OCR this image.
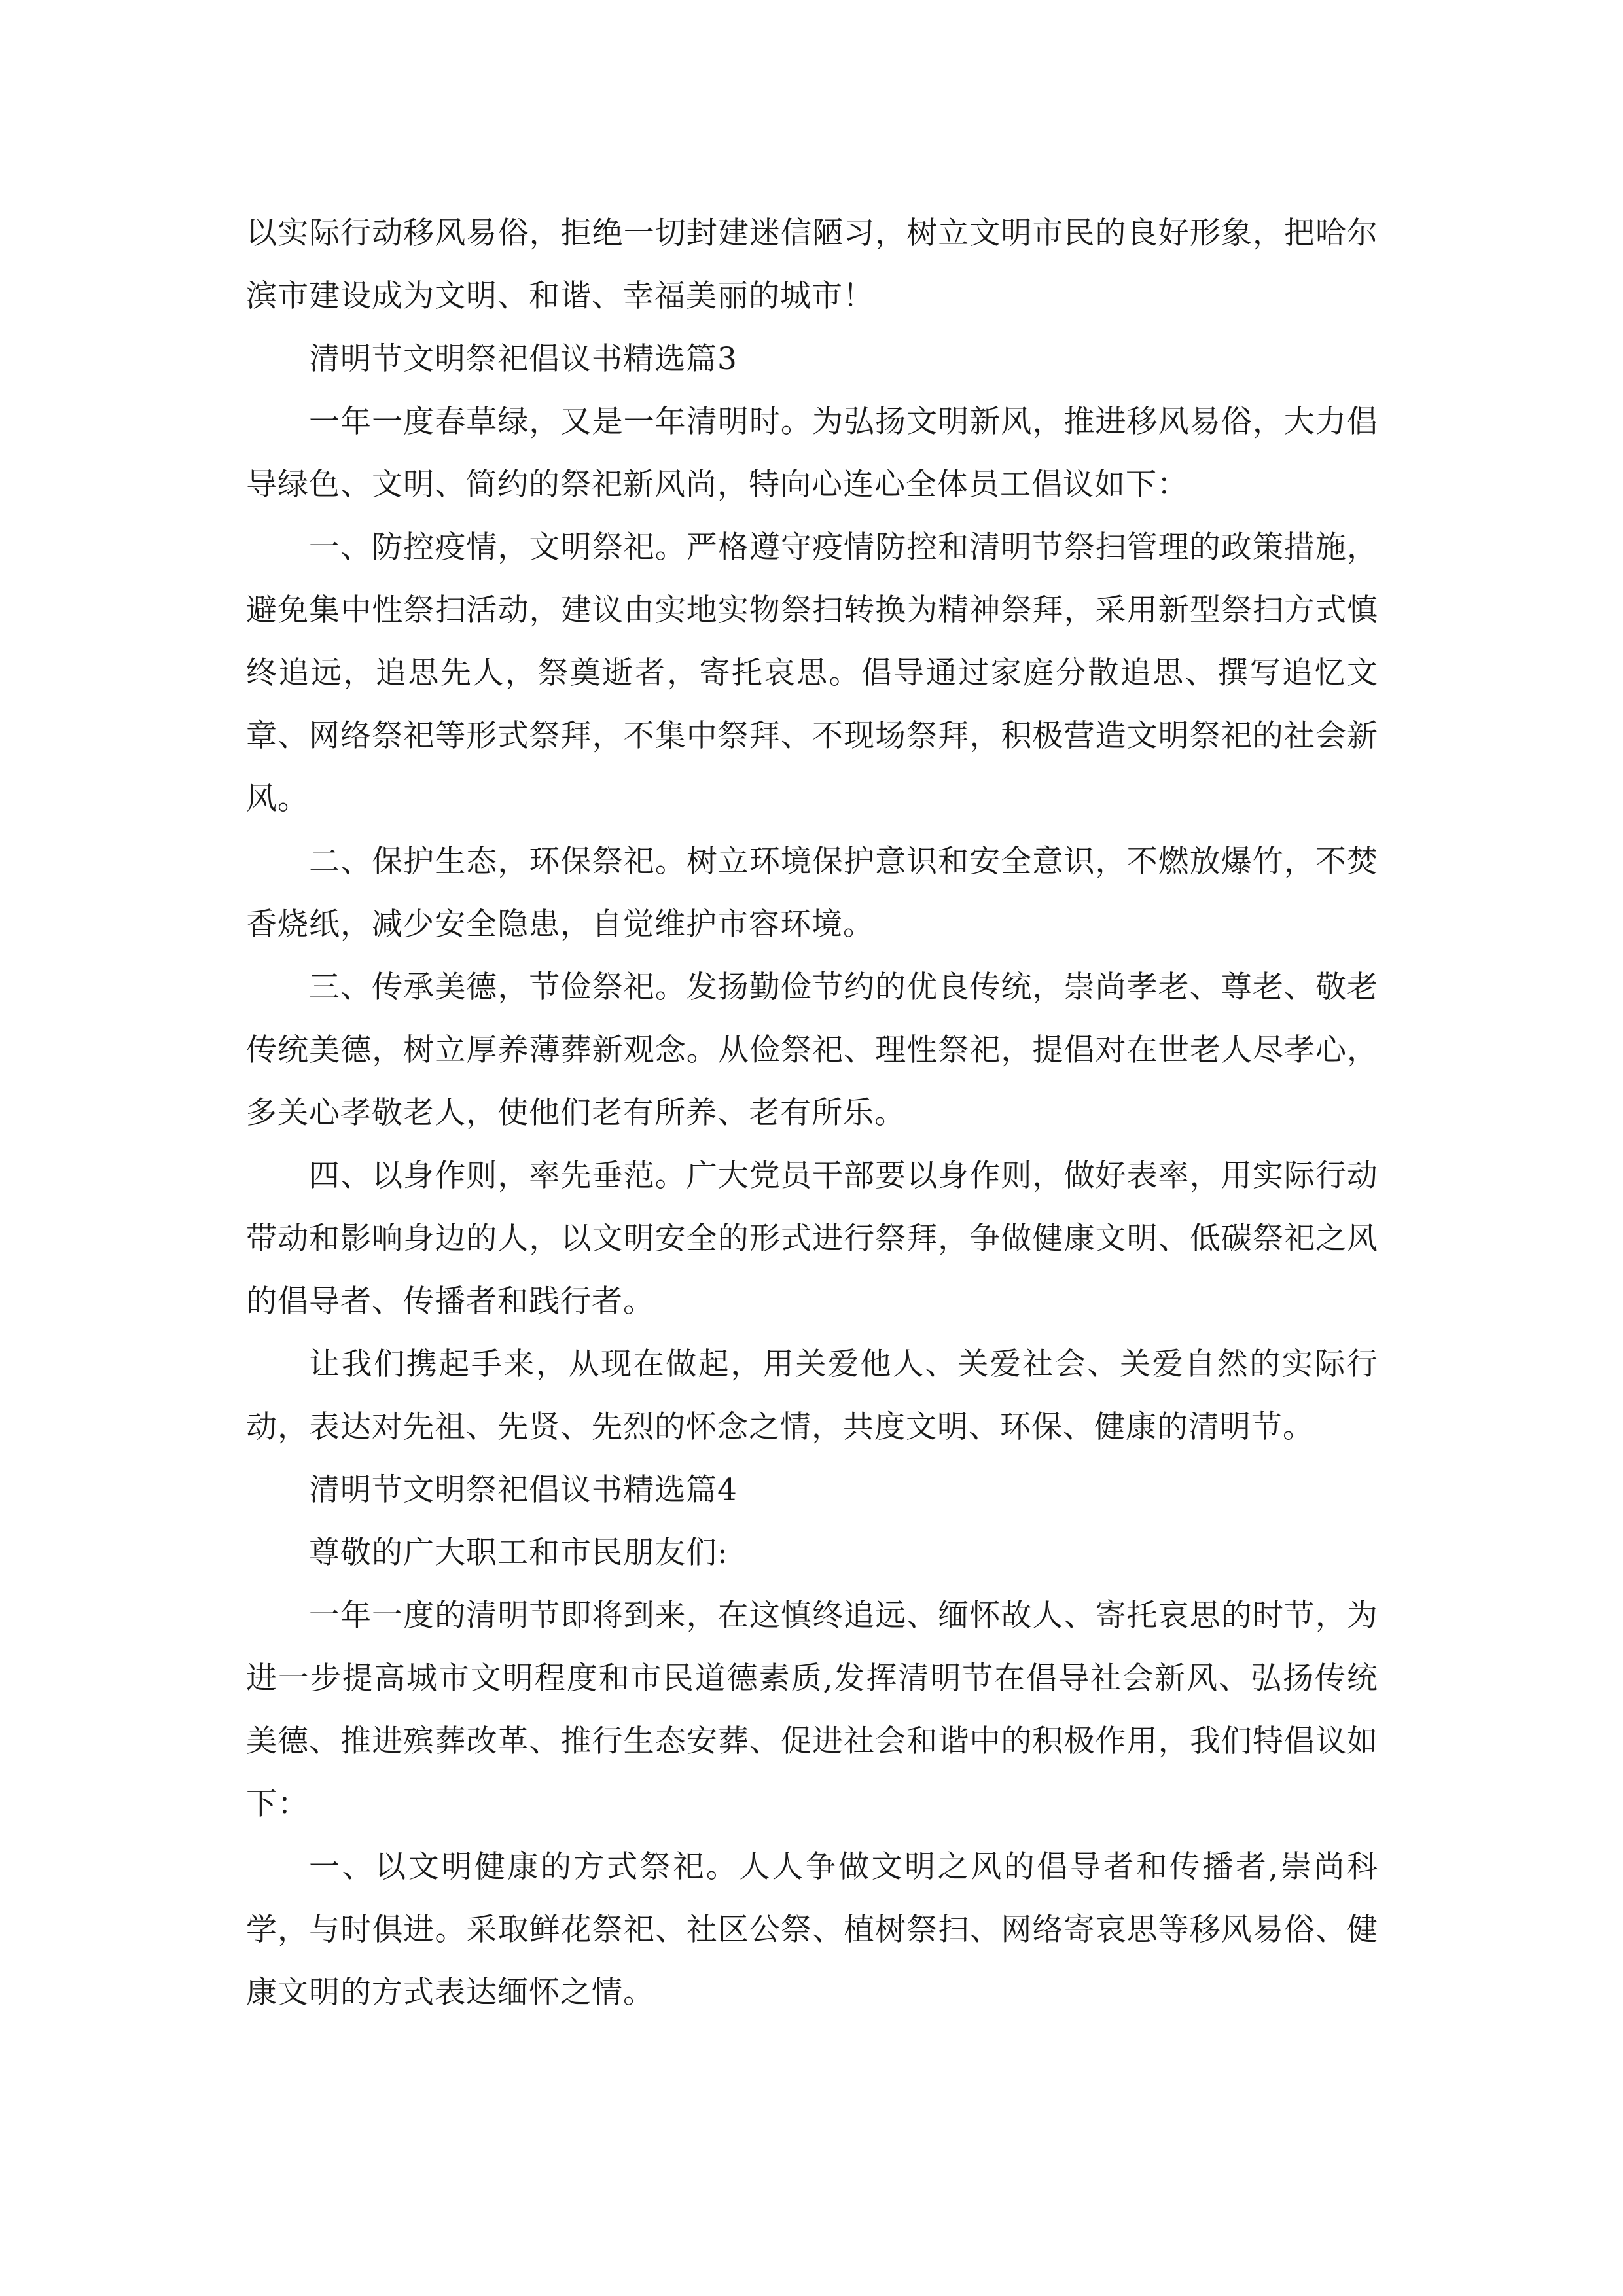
以实际行动移风易俗，拒绝一切封建迷信陋习，树立文明市民的良好形象，把哈尔滨市建设成为文明、和谐、幸福美丽的城市！

清明节文明祭祀倡议书精选篇3

一年一度春草绿，又是一年清明时。为弘扬文明新风，推进移风易俗，大力倡导绿色、文明、简约的祭祀新风尚，特向心连心全体员工倡议如下：

一、防控疫情，文明祭祀。严格遵守疫情防控和清明节祭扫管理的政策措施，避免集中性祭扫活动，建议由实地实物祭扫转换为精神祭拜，采用新型祭扫方式慎终追远，追思先人，祭奠逝者，寄托哀思。倡导通过家庭分散追思、撰写追忆文章、网络祭祀等形式祭拜，不集中祭拜、不现场祭拜，积极营造文明祭祀的社会新风。

二、保护生态，环保祭祀。树立环境保护意识和安全意识，不燃放爆竹，不焚香烧纸，减少安全隐患，自觉维护市容环境。

三、传承美德，节俭祭祀。发扬勤俭节约的优良传统，崇尚孝老、尊老、敬老传统美德，树立厚养薄葬新观念。从俭祭祀、理性祭祀，提倡对在世老人尽孝心，多关心孝敬老人，使他们老有所养、老有所乐。

四、以身作则，率先垂范。广大党员干部要以身作则，做好表率，用实际行动带动和影响身边的人，以文明安全的形式进行祭拜，争做健康文明、低碳祭祀之风的倡导者、传播者和践行者。

让我们携起手来，从现在做起，用关爱他人、关爱社会、关爱自然的实际行动，表达对先祖、先贤、先烈的怀念之情，共度文明、环保、健康的清明节。

清明节文明祭祀倡议书精选篇4

尊敬的广大职工和市民朋友们:

一年一度的清明节即将到来，在这慎终追远、缅怀故人、寄托哀思的时节，为进一步提高城市文明程度和市民道德素质,发挥清明节在倡导社会新风、弘扬传统美德、推进殡葬改革、推行生态安葬、促进社会和谐中的积极作用，我们特倡议如下：

一、以文明健康的方式祭祀。人人争做文明之风的倡导者和传播者,崇尚科学，与时俱进。采取鲜花祭祀、社区公祭、植树祭扫、网络寄哀思等移风易俗、健康文明的方式表达缅怀之情。
